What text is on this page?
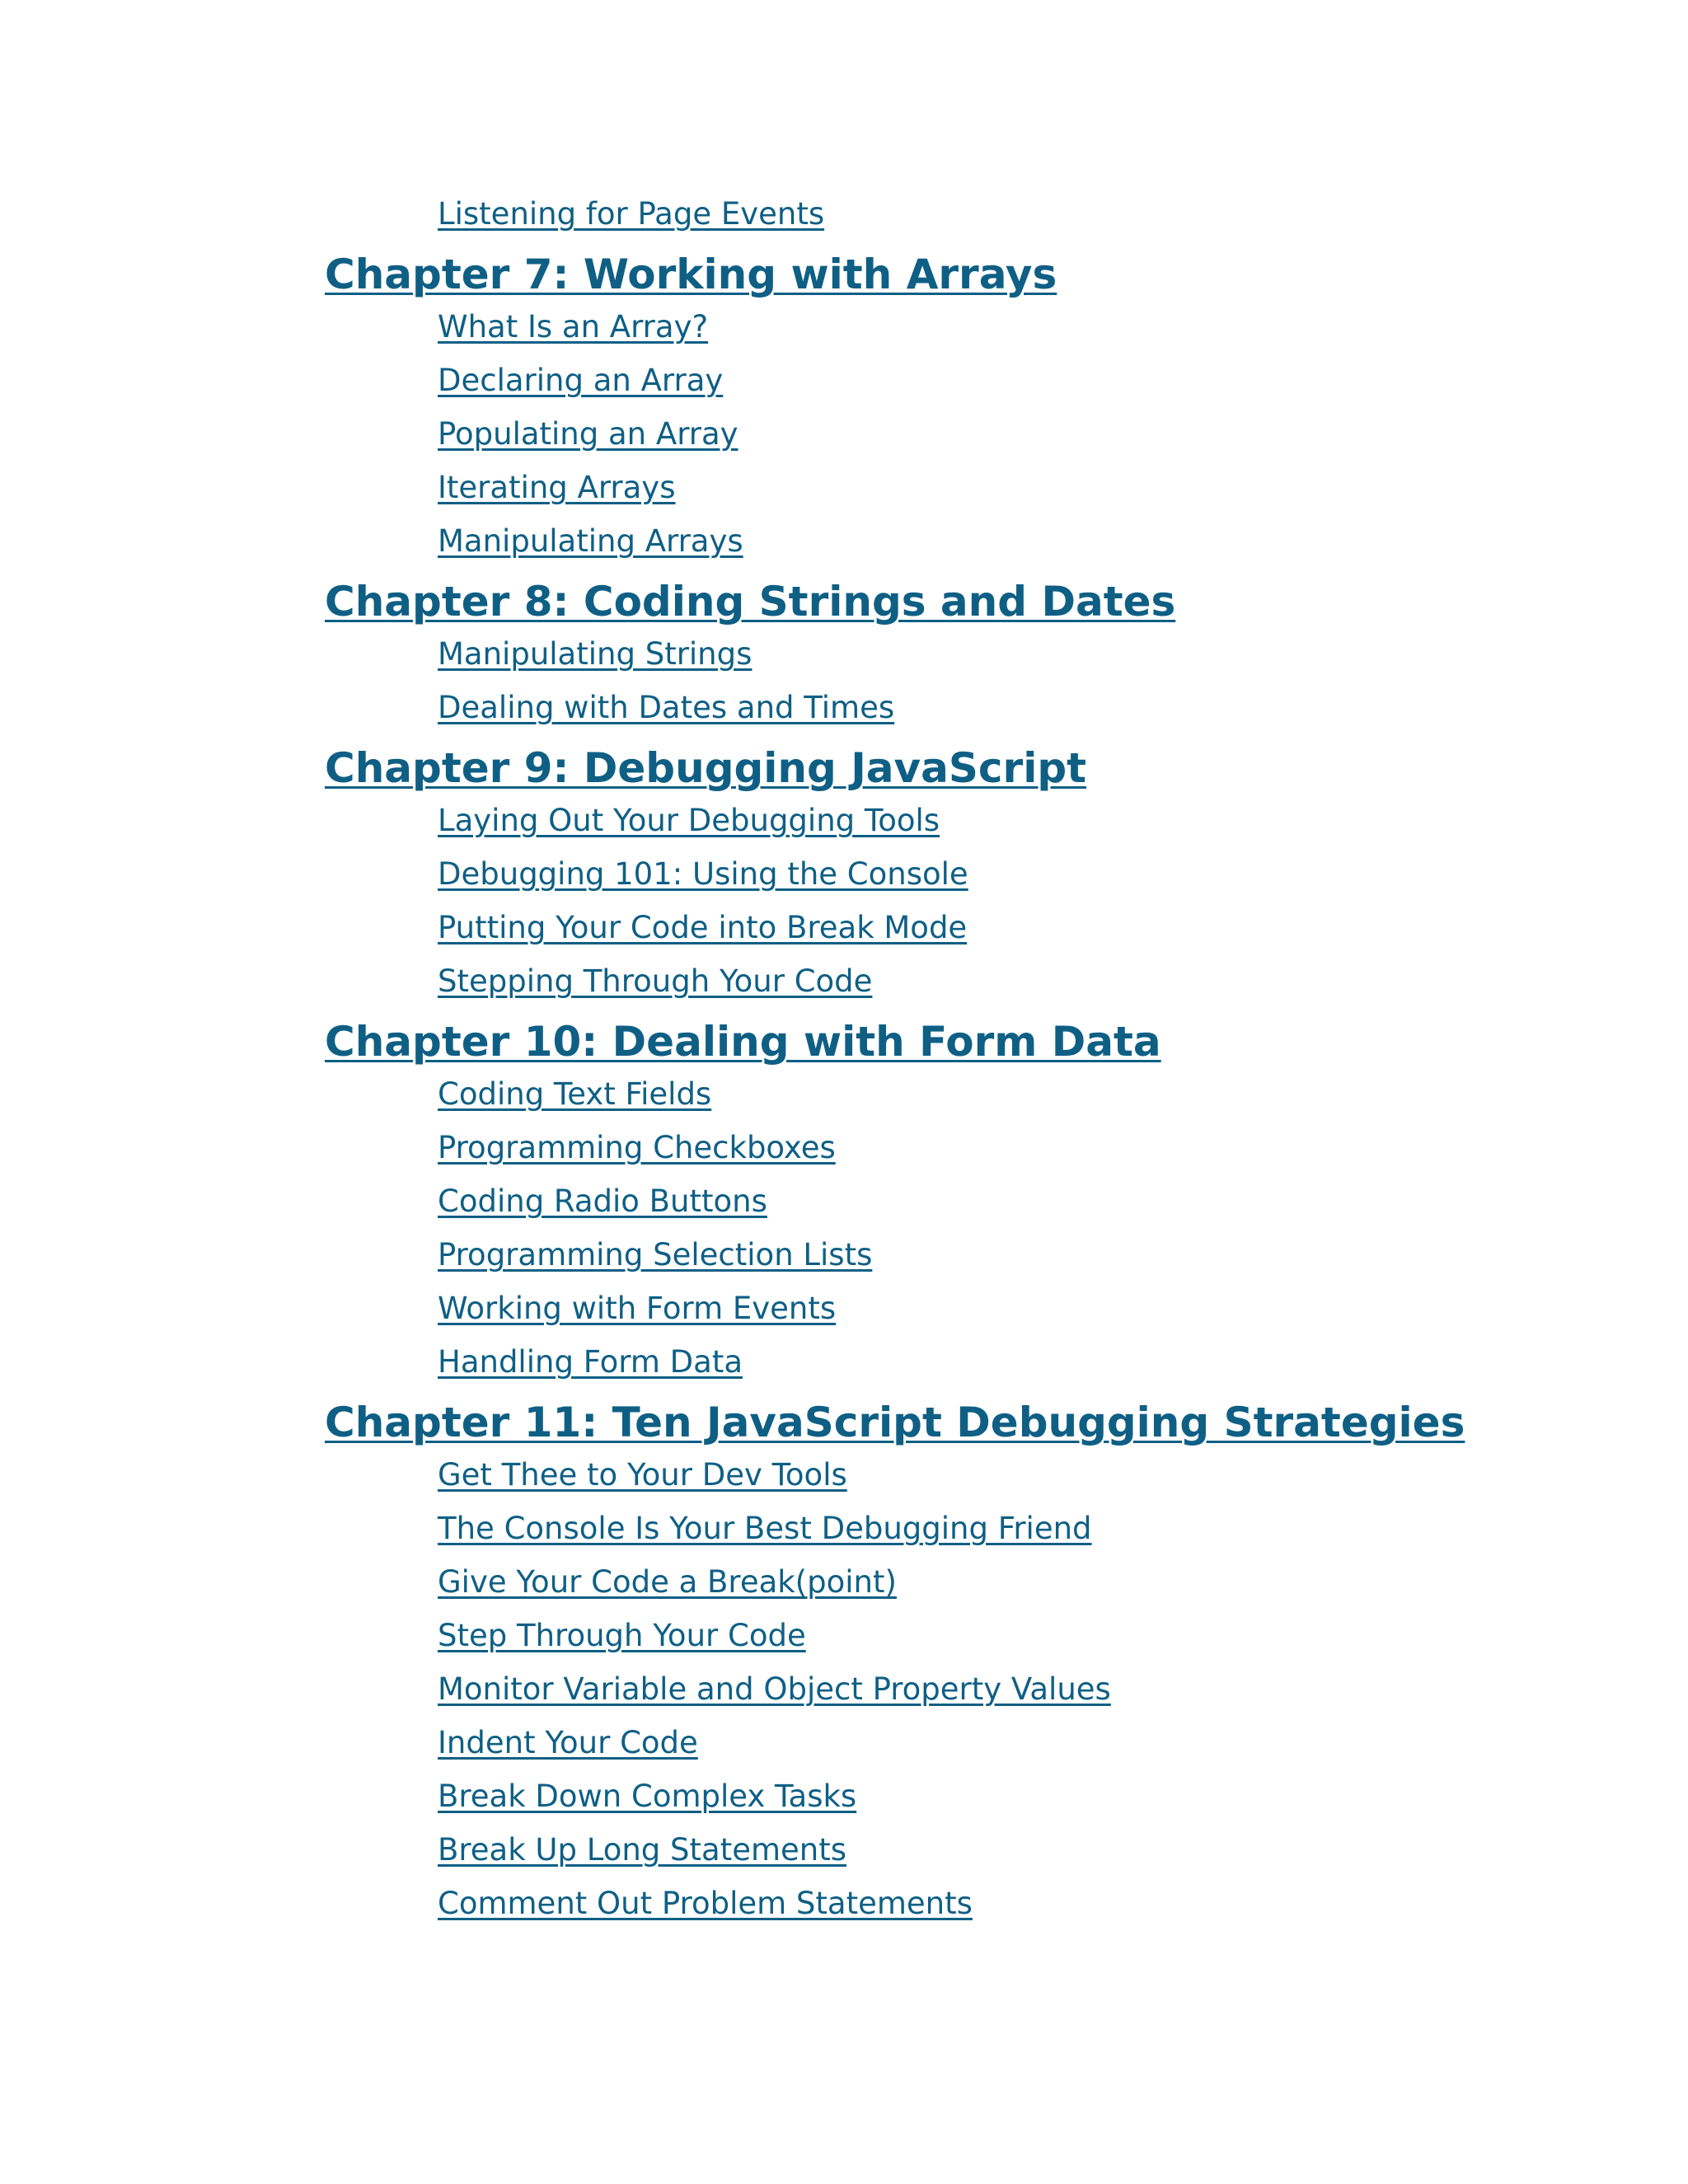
Listening for Page Events
Chapter 7: Working with Arrays
What Is an Array?
Declaring an Array
Populating an Array
Iterating Arrays
Manipulating Arrays
Chapter 8: Coding Strings and Dates
Manipulating Strings
Dealing with Dates and Times
Chapter 9: Debugging JavaScript
Laying Out Your Debugging Tools
Debugging 101: Using the Console
Putting Your Code into Break Mode
Stepping Through Your Code
Chapter 10: Dealing with Form Data
Coding Text Fields
Programming Checkboxes
Coding Radio Buttons
Programming Selection Lists
Working with Form Events
Handling Form Data
Chapter 11: Ten JavaScript Debugging Strategies
Get Thee to Your Dev Tools
The Console Is Your Best Debugging Friend
Give Your Code a Break(point)
Step Through Your Code
Monitor Variable and Object Property Values
Indent Your Code
Break Down Complex Tasks
Break Up Long Statements
Comment Out Problem Statements
